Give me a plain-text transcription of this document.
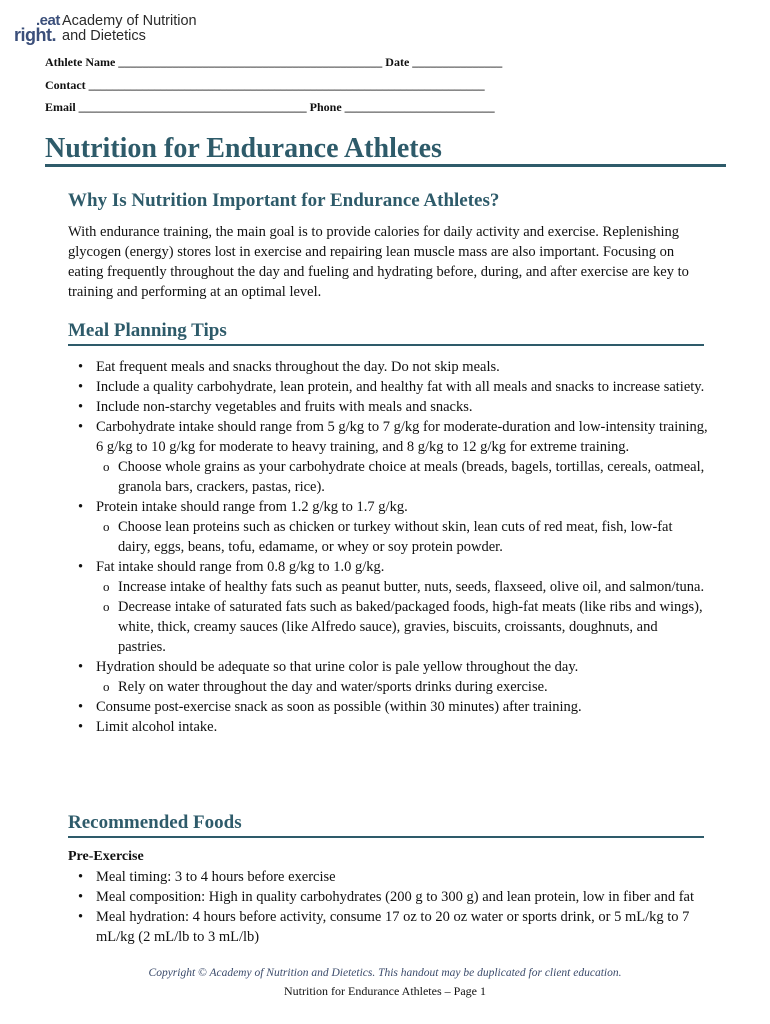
.eat
right.
Academy of Nutrition
and Dietetics
Athlete Name ____________________________________________ Date _______________
Contact __________________________________________________________________
Email ______________________________________ Phone _________________________
Nutrition for Endurance Athletes
Why Is Nutrition Important for Endurance Athletes?
With endurance training, the main goal is to provide calories for daily activity and exercise. Replenishing glycogen (energy) stores lost in exercise and repairing lean muscle mass are also important. Focusing on eating frequently throughout the day and fueling and hydrating before, during, and after exercise are key to training and performing at an optimal level.
Meal Planning Tips
• Eat frequent meals and snacks throughout the day. Do not skip meals.
• Include a quality carbohydrate, lean protein, and healthy fat with all meals and snacks to increase satiety.
• Include non-starchy vegetables and fruits with meals and snacks.
• Carbohydrate intake should range from 5 g/kg to 7 g/kg for moderate-duration and low-intensity training, 6 g/kg to 10 g/kg for moderate to heavy training, and 8 g/kg to 12 g/kg for extreme training.
o Choose whole grains as your carbohydrate choice at meals (breads, bagels, tortillas, cereals, oatmeal, granola bars, crackers, pastas, rice).
• Protein intake should range from 1.2 g/kg to 1.7 g/kg.
o Choose lean proteins such as chicken or turkey without skin, lean cuts of red meat, fish, low-fat dairy, eggs, beans, tofu, edamame, or whey or soy protein powder.
• Fat intake should range from 0.8 g/kg to 1.0 g/kg.
o Increase intake of healthy fats such as peanut butter, nuts, seeds, flaxseed, olive oil, and salmon/tuna.
o Decrease intake of saturated fats such as baked/packaged foods, high-fat meats (like ribs and wings), white, thick, creamy sauces (like Alfredo sauce), gravies, biscuits, croissants, doughnuts, and pastries.
• Hydration should be adequate so that urine color is pale yellow throughout the day.
o Rely on water throughout the day and water/sports drinks during exercise.
• Consume post-exercise snack as soon as possible (within 30 minutes) after training.
• Limit alcohol intake.
Recommended Foods
Pre-Exercise
• Meal timing: 3 to 4 hours before exercise
• Meal composition: High in quality carbohydrates (200 g to 300 g) and lean protein, low in fiber and fat
• Meal hydration: 4 hours before activity, consume 17 oz to 20 oz water or sports drink, or 5 mL/kg to 7 mL/kg (2 mL/lb to 3 mL/lb)
Copyright © Academy of Nutrition and Dietetics. This handout may be duplicated for client education.
Nutrition for Endurance Athletes – Page 1
